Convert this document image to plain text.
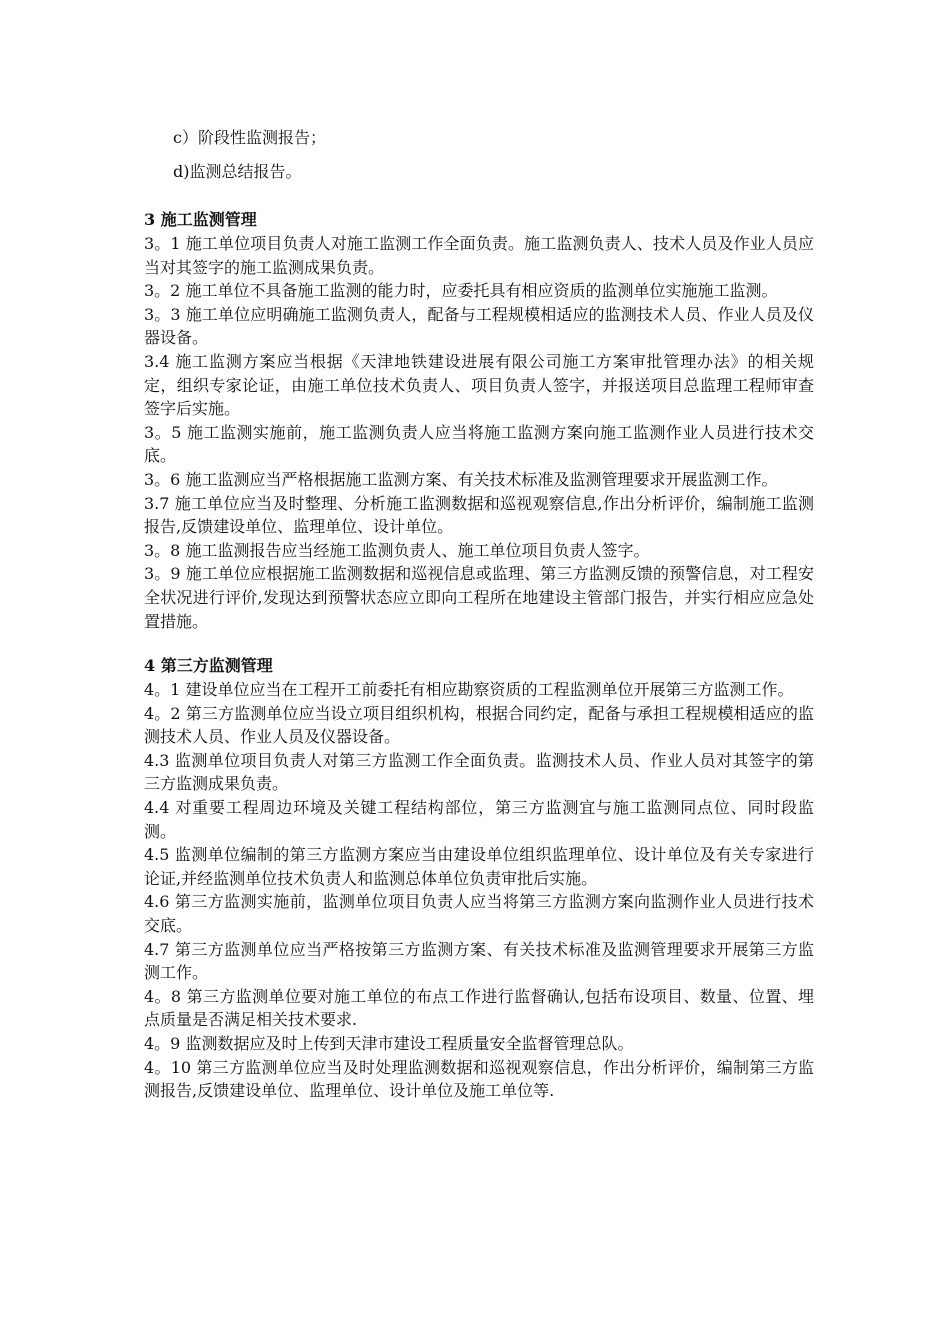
c）阶段性监测报告；
d)监测总结报告。
3 施工监测管理

3。1 施工单位项目负责人对施工监测工作全面负责。施工监测负责人、技术人员及作业人员应当对其签字的施工监测成果负责。

3。2 施工单位不具备施工监测的能力时，应委托具有相应资质的监测单位实施施工监测。

3。3 施工单位应明确施工监测负责人，配备与工程规模相适应的监测技术人员、作业人员及仪器设备。

3.4 施工监测方案应当根据《天津地铁建设进展有限公司施工方案审批管理办法》的相关规定，组织专家论证，由施工单位技术负责人、项目负责人签字，并报送项目总监理工程师审查签字后实施。

3。5 施工监测实施前，施工监测负责人应当将施工监测方案向施工监测作业人员进行技术交底。

3。6 施工监测应当严格根据施工监测方案、有关技术标准及监测管理要求开展监测工作。

3.7 施工单位应当及时整理、分析施工监测数据和巡视观察信息,作出分析评价，编制施工监测报告,反馈建设单位、监理单位、设计单位。

3。8 施工监测报告应当经施工监测负责人、施工单位项目负责人签字。

3。9 施工单位应根据施工监测数据和巡视信息或监理、第三方监测反馈的预警信息，对工程安全状况进行评价,发现达到预警状态应立即向工程所在地建设主管部门报告，并实行相应应急处置措施。

4 第三方监测管理

4。1 建设单位应当在工程开工前委托有相应勘察资质的工程监测单位开展第三方监测工作。

4。2 第三方监测单位应当设立项目组织机构，根据合同约定，配备与承担工程规模相适应的监测技术人员、作业人员及仪器设备。

4.3 监测单位项目负责人对第三方监测工作全面负责。监测技术人员、作业人员对其签字的第三方监测成果负责。

4.4 对重要工程周边环境及关键工程结构部位，第三方监测宜与施工监测同点位、同时段监测。

4.5 监测单位编制的第三方监测方案应当由建设单位组织监理单位、设计单位及有关专家进行论证,并经监测单位技术负责人和监测总体单位负责审批后实施。

4.6 第三方监测实施前，监测单位项目负责人应当将第三方监测方案向监测作业人员进行技术交底。

4.7 第三方监测单位应当严格按第三方监测方案、有关技术标准及监测管理要求开展第三方监测工作。

4。8 第三方监测单位要对施工单位的布点工作进行监督确认,包括布设项目、数量、位置、埋点质量是否满足相关技术要求.

4。9 监测数据应及时上传到天津市建设工程质量安全监督管理总队。

4。10 第三方监测单位应当及时处理监测数据和巡视观察信息，作出分析评价，编制第三方监测报告,反馈建设单位、监理单位、设计单位及施工单位等.
